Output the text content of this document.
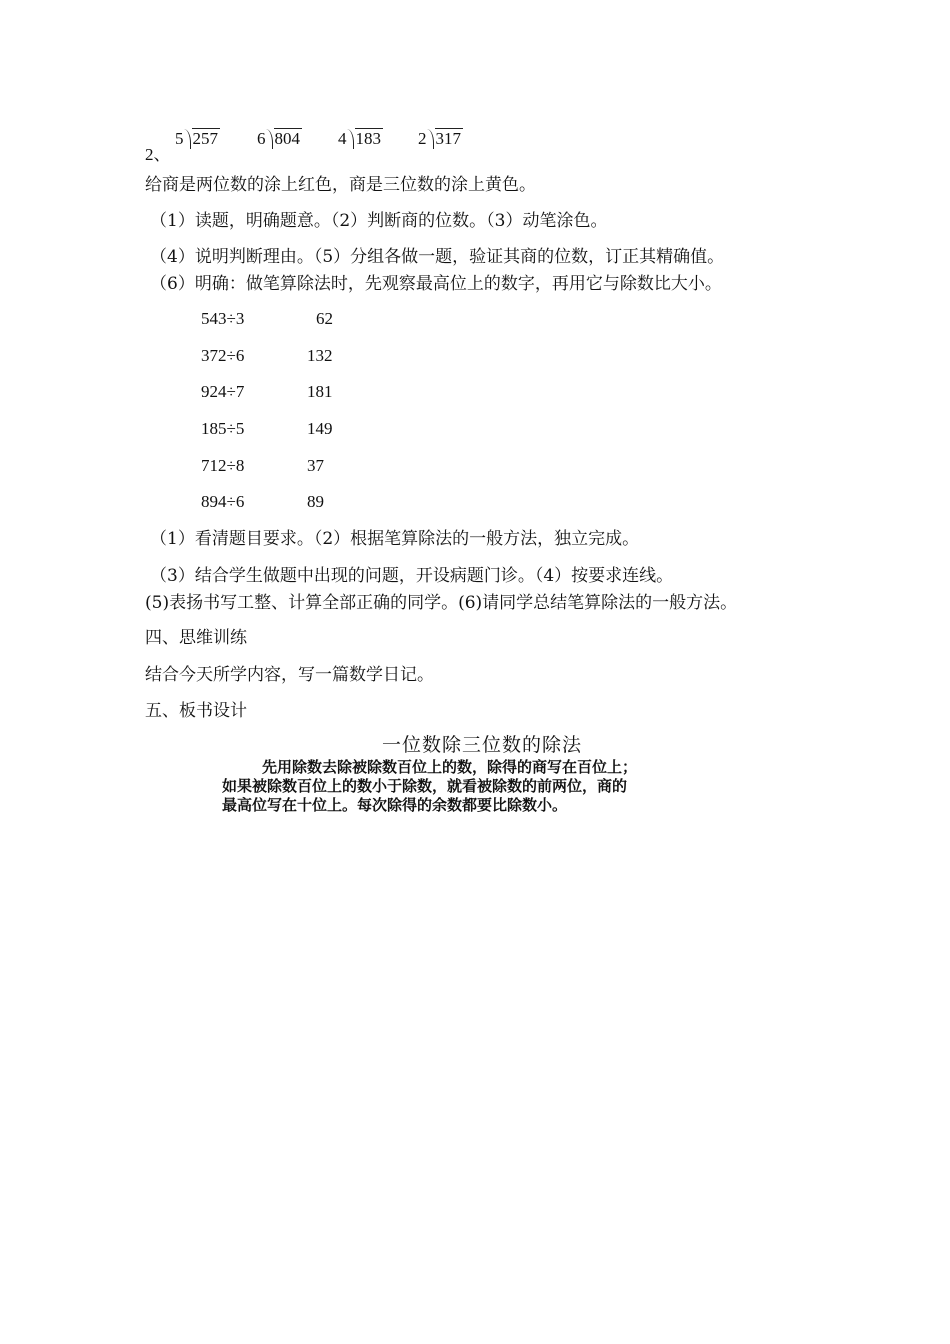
2、
5 257 6 804 4 183 2 317
给商是两位数的涂上红色，商是三位数的涂上黄色。
（1）读题，明确题意。（2）判断商的位数。（3）动笔涂色。
（4）说明判断理由。（5）分组各做一题，验证其商的位数，订正其精确值。
（6）明确：做笔算除法时，先观察最高位上的数字，再用它与除数比大小。
543÷3	62
372÷6	132
924÷7	181
185÷5	149
712÷8	37
894÷6	89
（1）看清题目要求。（2）根据笔算除法的一般方法，独立完成。
（3）结合学生做题中出现的问题，开设病题门诊。（4）按要求连线。
(5)表扬书写工整、计算全部正确的同学。(6)请同学总结笔算除法的一般方法。
四、思维训练
结合今天所学内容，写一篇数学日记。
五、板书设计
一位数除三位数的除法
先用除数去除被除数百位上的数，除得的商写在百位上；
如果被除数百位上的数小于除数，就看被除数的前两位，商的
最高位写在十位上。每次除得的余数都要比除数小。
